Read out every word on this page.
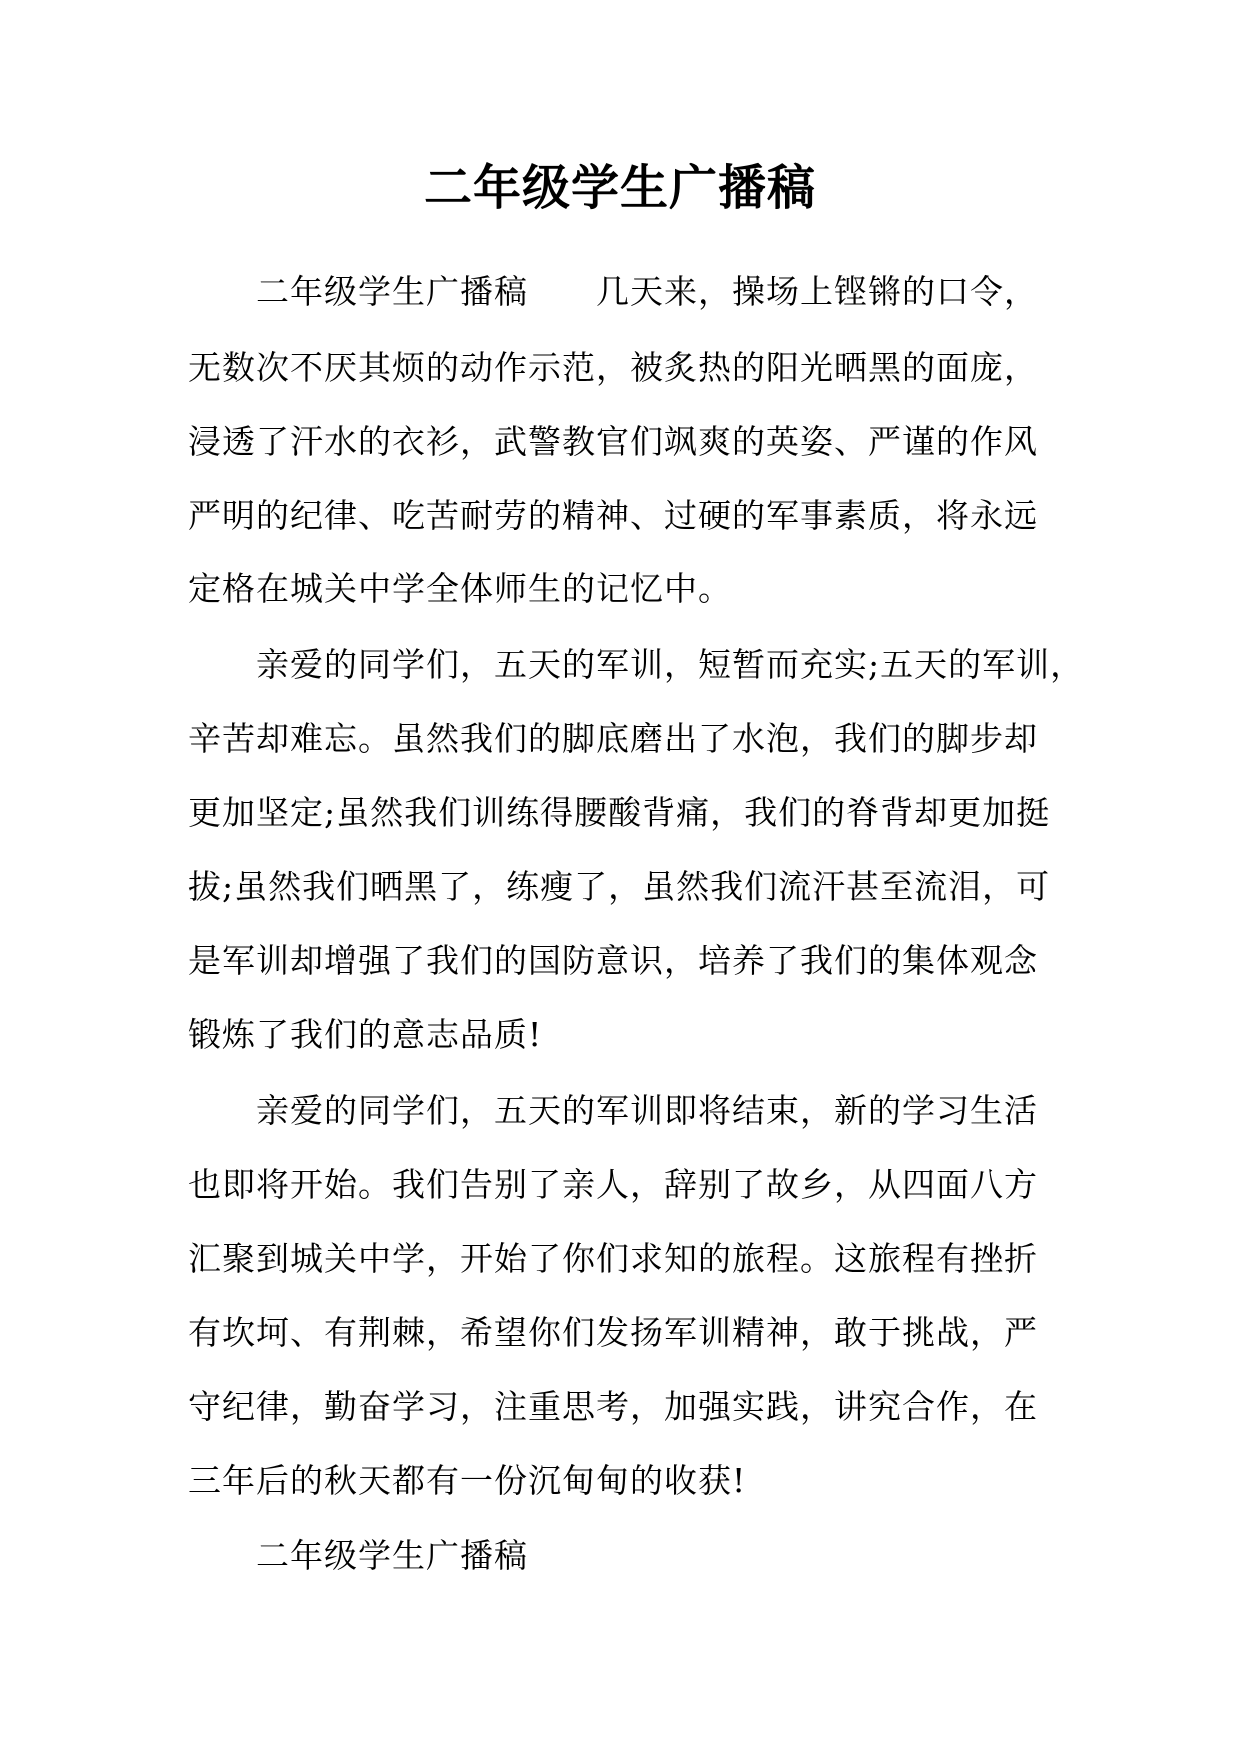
二年级学生广播稿
二年级学生广播稿　　几天来，操场上铿锵的口令，
无数次不厌其烦的动作示范，被炙热的阳光晒黑的面庞，
浸透了汗水的衣衫，武警教官们飒爽的英姿、严谨的作风
严明的纪律、吃苦耐劳的精神、过硬的军事素质，将永远
定格在城关中学全体师生的记忆中。
亲爱的同学们，五天的军训，短暂而充实;五天的军训，
辛苦却难忘。虽然我们的脚底磨出了水泡，我们的脚步却
更加坚定;虽然我们训练得腰酸背痛，我们的脊背却更加挺
拔;虽然我们晒黑了，练瘦了，虽然我们流汗甚至流泪，可
是军训却增强了我们的国防意识，培养了我们的集体观念
锻炼了我们的意志品质!
亲爱的同学们，五天的军训即将结束，新的学习生活
也即将开始。我们告别了亲人，辞别了故乡，从四面八方
汇聚到城关中学，开始了你们求知的旅程。这旅程有挫折
有坎坷、有荆棘，希望你们发扬军训精神，敢于挑战，严
守纪律，勤奋学习，注重思考，加强实践，讲究合作，在
三年后的秋天都有一份沉甸甸的收获!
二年级学生广播稿
